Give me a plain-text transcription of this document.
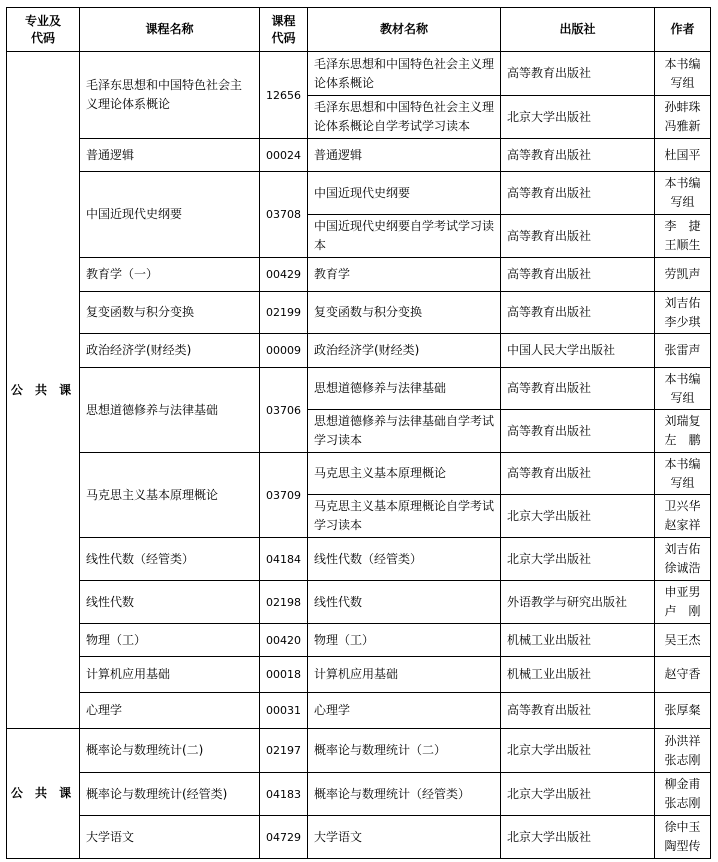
专业及
代码	课程名称	课程
代码	教材名称	出版社	作者
公 共 课	毛泽东思想和中国特色社会主义理论体系概论	12656	毛泽东思想和中国特色社会主义理论体系概论	高等教育出版社	本书编
写组
			毛泽东思想和中国特色社会主义理论体系概论自学考试学习读本	北京大学出版社	孙蚌珠
冯雅新
	普通逻辑	00024	普通逻辑	高等教育出版社	杜国平
	中国近现代史纲要	03708	中国近现代史纲要	高等教育出版社	本书编
写组
			中国近现代史纲要自学考试学习读本	高等教育出版社	李　捷
王顺生
	教育学（一）	00429	教育学	高等教育出版社	劳凯声
	复变函数与积分变换	02199	复变函数与积分变换	高等教育出版社	刘吉佑
李少琪
	政治经济学(财经类)	00009	政治经济学(财经类)	中国人民大学出版社	张雷声
	思想道德修养与法律基础	03706	思想道德修养与法律基础	高等教育出版社	本书编
写组
			思想道德修养与法律基础自学考试学习读本	高等教育出版社	刘瑞复
左　鹏
	马克思主义基本原理概论	03709	马克思主义基本原理概论	高等教育出版社	本书编
写组
			马克思主义基本原理概论自学考试学习读本	北京大学出版社	卫兴华
赵家祥
	线性代数（经管类）	04184	线性代数（经管类）	北京大学出版社	刘吉佑
徐诚浩
	线性代数	02198	线性代数	外语教学与研究出版社	申亚男
卢　刚
	物理（工）	00420	物理（工）	机械工业出版社	吴王杰
	计算机应用基础	00018	计算机应用基础	机械工业出版社	赵守香
	心理学	00031	心理学	高等教育出版社	张厚粲
公 共 课	概率论与数理统计(二)	02197	概率论与数理统计（二）	北京大学出版社	孙洪祥
张志刚
	概率论与数理统计(经管类)	04183	概率论与数理统计（经管类）	北京大学出版社	柳金甫
张志刚
	大学语文	04729	大学语文	北京大学出版社	徐中玉
陶型传
